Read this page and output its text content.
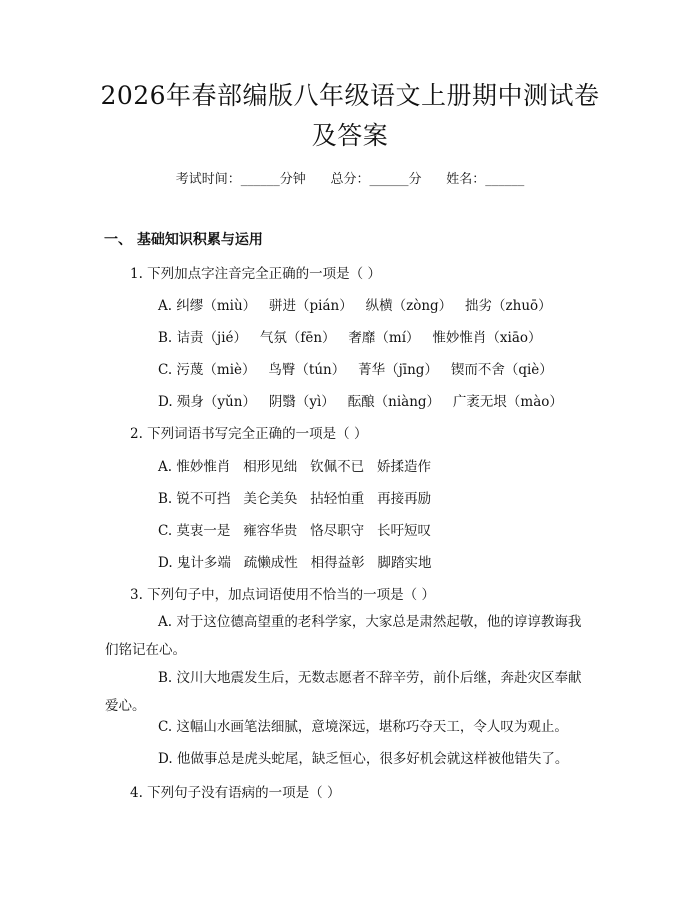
2026年春部编版八年级语文上册期中测试卷
及答案
考试时间：______分钟      总分：______分      姓名：______
一、 基础知识积累与运用
1. 下列加点字注音完全正确的一项是（ ）
A. 纠缪（miù）   骈进（pián）   纵横（zòng）   拙劣（zhuō）
B. 诘责（jié）   气氛（fēn）   奢靡（mí）   惟妙惟肖（xiāo）
C. 污蔑（miè）   鸟臀（tún）   菁华（jīng）   锲而不舍（qiè）
D. 殒身（yǔn）   阴翳（yì）   酝酿（niàng）   广袤无垠（mào）
2. 下列词语书写完全正确的一项是（ ）
A. 惟妙惟肖   相形见绌   钦佩不已   娇揉造作
B. 锐不可挡   美仑美奂   拈轻怕重   再接再励
C. 莫衷一是   雍容华贵   恪尽职守   长吁短叹
D. 鬼计多端   疏懒成性   相得益彰   脚踏实地
3. 下列句子中，加点词语使用不恰当的一项是（ ）
A. 对于这位德高望重的老科学家，大家总是肃然起敬，他的谆谆教诲我们铭记在心。
B. 汶川大地震发生后，无数志愿者不辞辛劳，前仆后继，奔赴灾区奉献爱心。
C. 这幅山水画笔法细腻，意境深远，堪称巧夺天工，令人叹为观止。
D. 他做事总是虎头蛇尾，缺乏恒心，很多好机会就这样被他错失了。
4. 下列句子没有语病的一项是（ ）
